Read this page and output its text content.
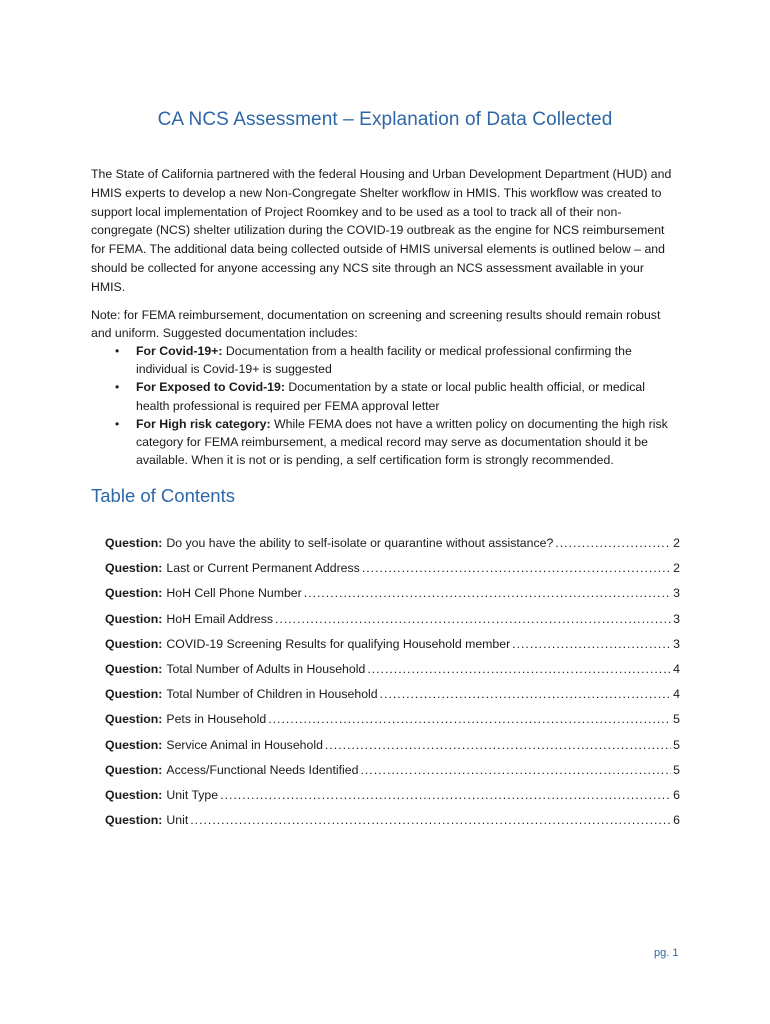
CA NCS Assessment – Explanation of Data Collected

The State of California partnered with the federal Housing and Urban Development Department (HUD) and HMIS experts to develop a new Non-Congregate Shelter workflow in HMIS. This workflow was created to support local implementation of Project Roomkey and to be used as a tool to track all of their non-congregate (NCS) shelter utilization during the COVID-19 outbreak as the engine for NCS reimbursement for FEMA. The additional data being collected outside of HMIS universal elements is outlined below – and should be collected for anyone accessing any NCS site through an NCS assessment available in your HMIS.

Note: for FEMA reimbursement, documentation on screening and screening results should remain robust and uniform. Suggested documentation includes:

• For Covid-19+: Documentation from a health facility or medical professional confirming the individual is Covid-19+ is suggested
• For Exposed to Covid-19: Documentation by a state or local public health official, or medical health professional is required per FEMA approval letter
• For High risk category: While FEMA does not have a written policy on documenting the high risk category for FEMA reimbursement, a medical record may serve as documentation should it be available. When it is not or is pending, a self certification form is strongly recommended.
Table of Contents
Question: Do you have the ability to self-isolate or quarantine without assistance? .....	2
Question: Last or Current Permanent Address .....	2
Question: HoH Cell Phone Number .....	3
Question: HoH Email Address .....	3
Question: COVID-19 Screening Results for qualifying Household member .....	3
Question: Total Number of Adults in Household .....	4
Question: Total Number of Children in Household .....	4
Question: Pets in Household .....	5
Question: Service Animal in Household .....	5
Question: Access/Functional Needs Identified .....	5
Question: Unit Type .....	6
Question: Unit .....	6
pg. 1
